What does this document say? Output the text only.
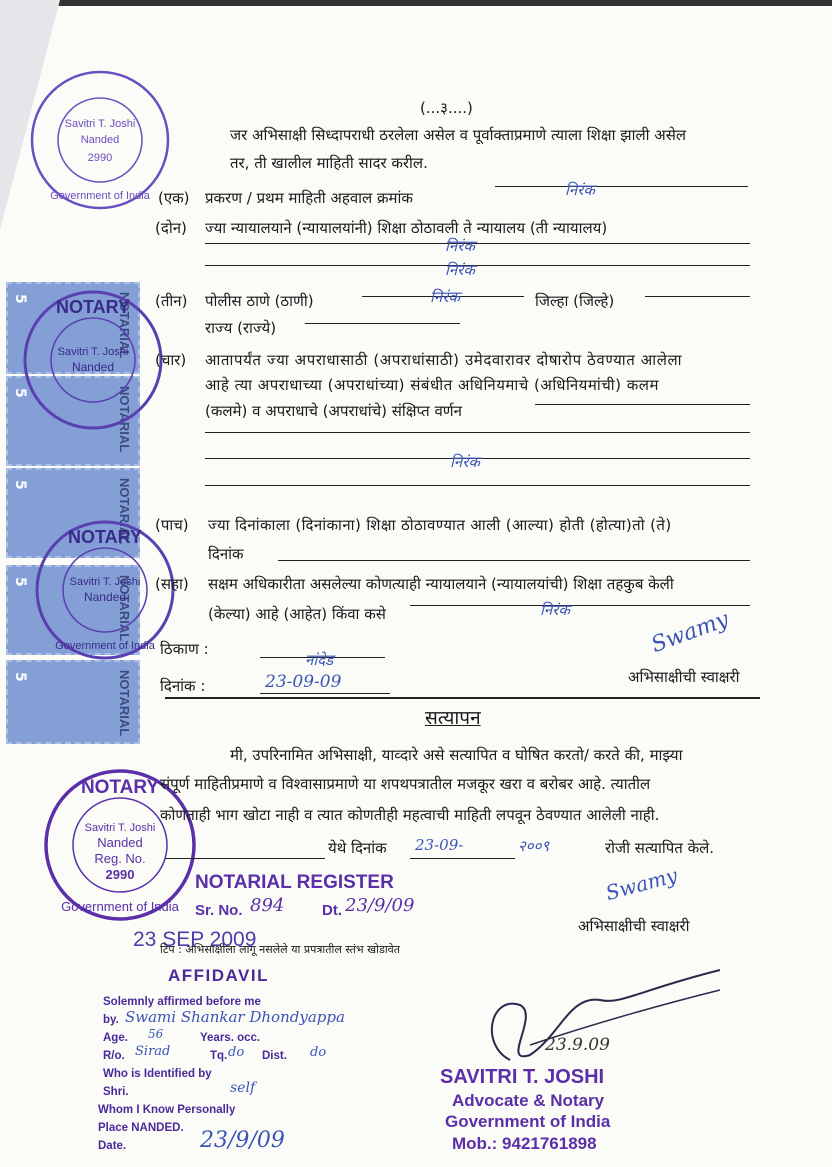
5	NOTARIAL
5	NOTARIAL
5	NOTARIAL
5	NOTARIAL
5	NOTARIAL
Savitri T. Joshi
Nanded
2990
Government of India
NOTARY
Savitri T. Joshi
Nanded
NOTARY
Savitri T. Joshi
Nanded
Government of India
NOTARY
Savitri T. Joshi
Nanded
Reg. No.
2990
Government of India
(...३....)
जर अभिसाक्षी सिध्दापराधी ठरलेला असेल व पूर्वाक्ताप्रमाणे त्याला शिक्षा झाली असेल
तर, ती खालील माहिती सादर करील.
(एक) प्रकरण / प्रथम माहिती अहवाल क्रमांक	निरंक
(दोन) ज्या न्यायालयाने (न्यायालयांनी) शिक्षा ठोठावली ते न्यायालय (ती न्यायालय)
निरंक
निरंक
(तीन) पोलीस ठाणे (ठाणी)	निरंक	जिल्हा (जिल्हे)
राज्य (राज्ये)
(चार) आतापर्यंत ज्या अपराधासाठी (अपराधांसाठी) उमेदवारावर दोषारोप ठेवण्यात आलेला
आहे त्या अपराधाच्या (अपराधांच्या) संबंधीत अधिनियमाचे (अधिनियमांची) कलम
(कलमे) व अपराधाचे (अपराधांचे) संक्षिप्त वर्णन
निरंक
(पाच) ज्या दिनांकाला (दिनांकाना) शिक्षा ठोठावण्यात आली (आल्या) होती (होत्या)तो (ते)
दिनांक
(सहा) सक्षम अधिकारीता असलेल्या कोणत्याही न्यायालयाने (न्यायालयांची) शिक्षा तहकुब केली
(केल्या) आहे (आहेत) किंवा कसे	निरंक
ठिकाण :
नांदेड
दिनांक :	23-09-09
Swamy
अभिसाक्षीची स्वाक्षरी
सत्यापन
मी, उपरिनामित अभिसाक्षी, याव्दारे असे सत्यापित व घोषित करतो/ करते की, माझ्या
संपूर्ण माहितीप्रमाणे व विश्वासाप्रमाणे या शपथपत्रातील मजकूर खरा व बरोबर आहे. त्यातील
कोणताही भाग खोटा नाही व त्यात कोणतीही महत्वाची माहिती लपवून ठेवण्यात आलेली नाही.
येथे दिनांक 23-09-	२००९	रोजी सत्यापित केले.
NOTARIAL REGISTER
Sr. No. 894	Dt. 23/9/09
Swamy
अभिसाक्षीची स्वाक्षरी
23 SEP 2009
टिप : अभिसाक्षीला लागू नसलेले या प्रपत्रातील स्तंभ खोडावेत
AFFIDAVIL
Solemnly affirmed before me
by. Swami Shankar Dhondyappa
Age. 56	Years. occ.
R/o. Sirad	Tq. do Dist. do
Who is Identified by
Shri.	self
Whom I Know Personally
Place NANDED.
Date.	23/9/09
23.9.09
SAVITRI T. JOSHI
Advocate & Notary
Government of India
Mob.: 9421761898
